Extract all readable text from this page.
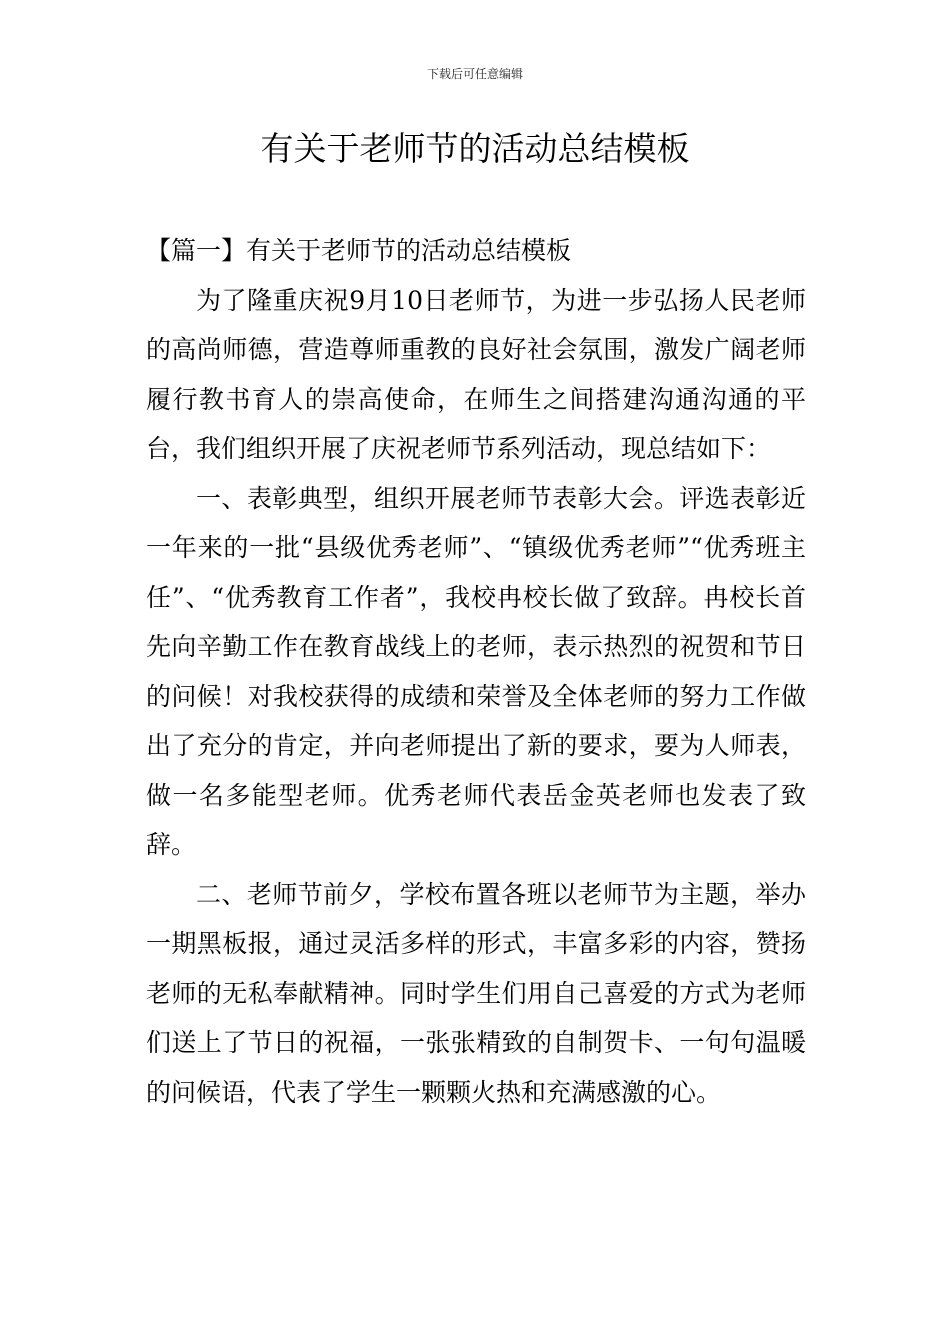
下载后可任意编辑
有关于老师节的活动总结模板

【篇一】有关于老师节的活动总结模板

为了隆重庆祝9月10日老师节，为进一步弘扬人民老师的高尚师德，营造尊师重教的良好社会氛围，激发广阔老师履行教书育人的崇高使命，在师生之间搭建沟通沟通的平台，我们组织开展了庆祝老师节系列活动，现总结如下：

一、表彰典型，组织开展老师节表彰大会。评选表彰近一年来的一批“县级优秀老师”、“镇级优秀老师”“优秀班主任”、“优秀教育工作者”，我校冉校长做了致辞。冉校长首先向辛勤工作在教育战线上的老师，表示热烈的祝贺和节日的问候！对我校获得的成绩和荣誉及全体老师的努力工作做出了充分的肯定，并向老师提出了新的要求，要为人师表，做一名多能型老师。优秀老师代表岳金英老师也发表了致辞。

二、老师节前夕，学校布置各班以老师节为主题，举办一期黑板报，通过灵活多样的形式，丰富多彩的内容，赞扬老师的无私奉献精神。同时学生们用自己喜爱的方式为老师们送上了节日的祝福，一张张精致的自制贺卡、一句句温暖的问候语，代表了学生一颗颗火热和充满感激的心。
